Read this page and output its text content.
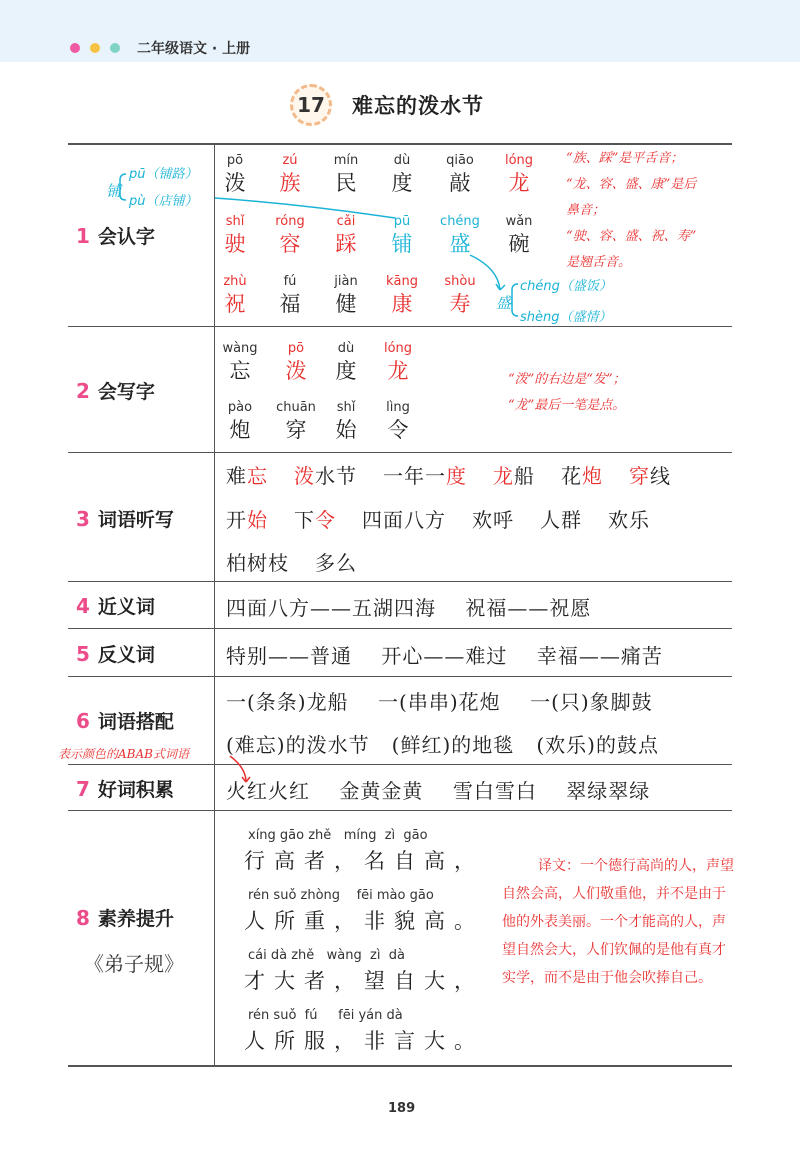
二年级语文 · 上册
17	难忘的泼水节
1 会认字
2 会写字
3 词语听写
4 近义词
5 反义词
6 词语搭配
7 好词积累
8 素养提升
《弟子规》
pō
泼
zú
族
mín
民
dù
度
qiāo
敲
lóng
龙
shǐ
驶
róng
容
cǎi
踩
pū
铺
chéng
盛
wǎn
碗
zhù
祝
fú
福
jiàn
健
kāng
康
shòu
寿
铺
pū（铺路）
pù（店铺）
盛
chéng（盛饭）
shèng（盛情）
“族、踩”是平舌音；
“龙、容、盛、康”是后
鼻音；
“驶、容、盛、祝、寿”
是翘舌音。
wàng
忘
pō
泼
dù
度
lóng
龙
pào
炮
chuān
穿
shǐ
始
lìng
令
“泼”的右边是“发”；
“龙”最后一笔是点。
难忘 泼水节 一年一度 龙船 花炮 穿线
开始 下令 四面八方 欢呼 人群 欢乐
柏树枝 多么
四面八方——五湖四海    祝福——祝愿
特别——普通    开心——难过    幸福——痛苦
一(条条)龙船    一(串串)花炮    一(只)象脚鼓
(难忘)的泼水节   (鲜红)的地毯   (欢乐)的鼓点
表示颜色的ABAB式词语
火红火红    金黄金黄    雪白雪白    翠绿翠绿
xíng gāo zhě   míng  zì  gāo
行高者，名自高，
rén suǒ zhòng    fēi mào gāo
人所重，非貌高。
cái dà zhě   wàng  zì  dà
才大者，望自大，
rén suǒ  fú     fēi yán dà
人所服，非言大。
译文：一个德行高尚的人，声望自然会高，人们敬重他，并不是由于他的外表美丽。一个才能高的人，声望自然会大，人们钦佩的是他有真才实学，而不是由于他会吹捧自己。
189
